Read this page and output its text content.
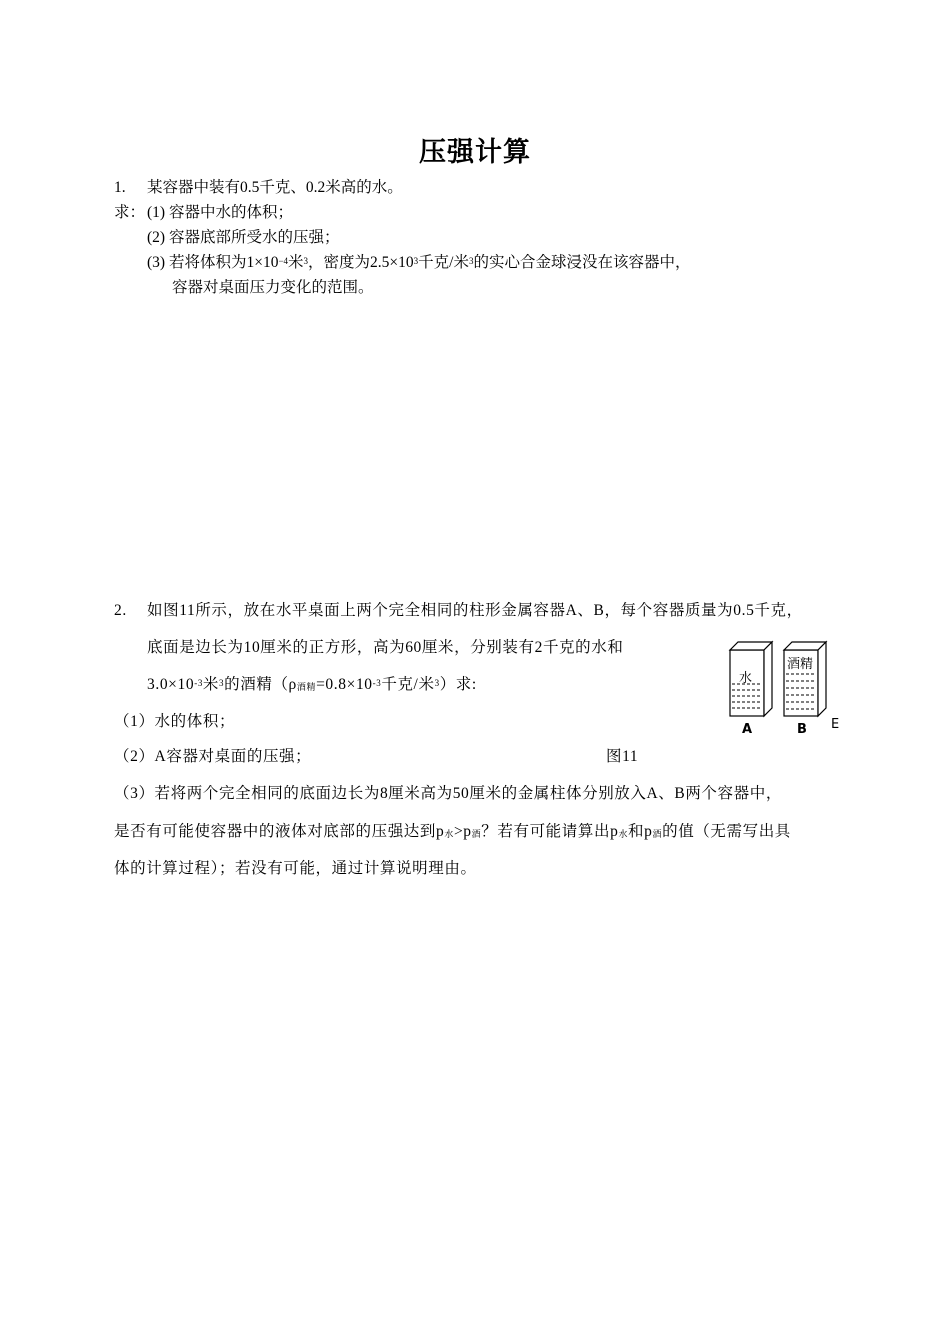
压强计算
1. 某容器中装有0.5千克、0.2米高的水。
求： (1) 容器中水的体积；
(2) 容器底部所受水的压强；
(3) 若将体积为$1\times 10^{-4}$米$^3$，密度为$2.5\times 10^3$千克/米$^3$的实心合金球浸没在该容器中，
容器对桌面压力变化的范围。
2. 如图11所示，放在水平桌面上两个完全相同的柱形金属容器A、B，每个容器质量为0.5千克，
底面是边长为10厘米的正方形，高为60厘米，分别装有2千克的水和
$3.0\times 10^{-3}$米$^3$的酒精（$\rho_{酒精}=0.8\times 10^{-3}$千克/米$^3$）求:
（1）水的体积；
（2）A容器对桌面的压强；	图11
（3）若将两个完全相同的底面边长为8厘米高为50厘米的金属柱体分别放入A、B两个容器中，
是否有可能使容器中的液体对底部的压强达到$p_水>p_酒$？若有可能请算出$p_水$和$p_酒$的值（无需写出具
体的计算过程）；若没有可能，通过计算说明理由。
水
A
酒精
B E
